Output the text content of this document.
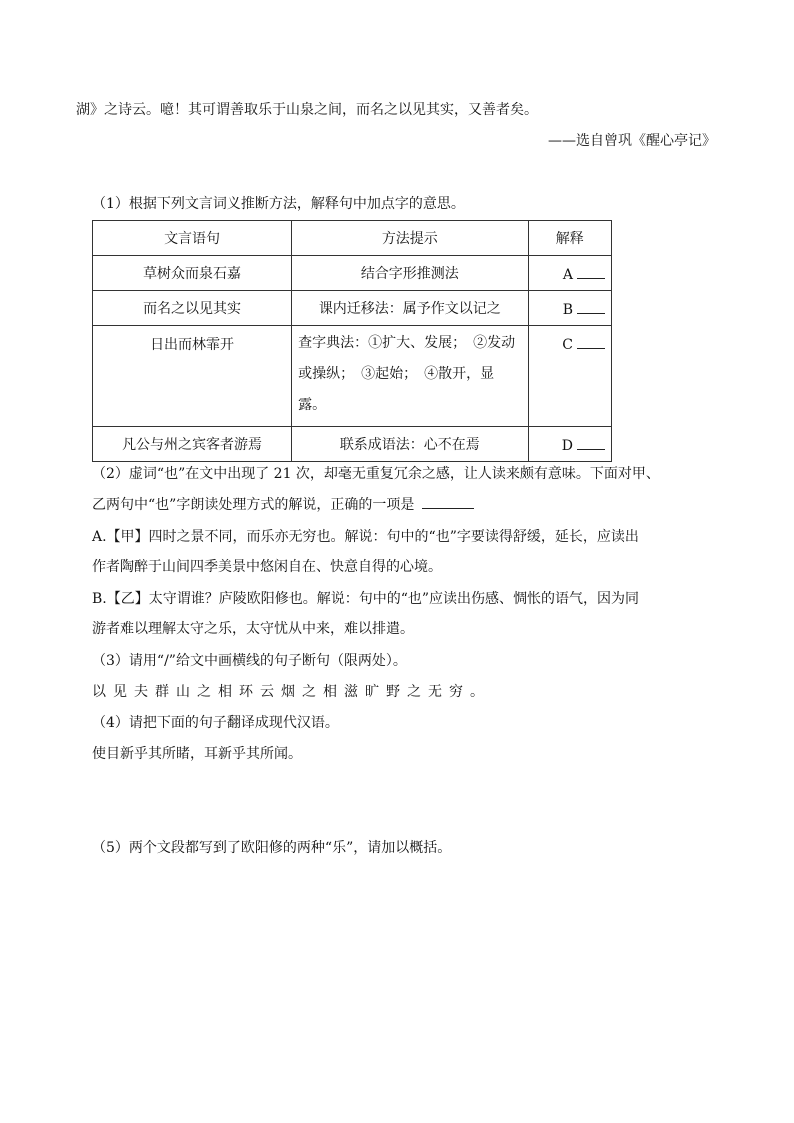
湖》之诗云。噫！其可谓善取乐于山泉之间，而名之以见其实，又善者矣。
——选自曾巩《醒心亭记》
（1）根据下列文言词义推断方法，解释句中加点字的意思。
文言语句	方法提示	解释
草树众而泉石嘉	结合字形推测法	A
而名之以见其实	课内迁移法：属予作文以记之	B
日出而林霏开	查字典法：①扩大、发展；　②发动或操纵；　③起始；　④散开，显露。	C
凡公与州之宾客者游焉	联系成语法：心不在焉	D
（2）虚词“也”在文中出现了 21 次，却毫无重复冗余之感，让人读来颇有意味。下面对甲、
乙两句中“也”字朗读处理方式的解说，正确的一项是
A.【甲】四时之景不同，而乐亦无穷也。解说：句中的“也”字要读得舒缓，延长，应读出
作者陶醉于山间四季美景中悠闲自在、快意自得的心境。
B.【乙】太守谓谁？庐陵欧阳修也。解说：句中的“也”应读出伤感、惆怅的语气，因为同
游者难以理解太守之乐，太守忧从中来，难以排遣。
（3）请用“/”给文中画横线的句子断句（限两处）。
以见夫群山之相环云烟之相滋旷野之无穷。
（4）请把下面的句子翻译成现代汉语。
使目新乎其所睹，耳新乎其所闻。
（5）两个文段都写到了欧阳修的两种“乐”，请加以概括。
